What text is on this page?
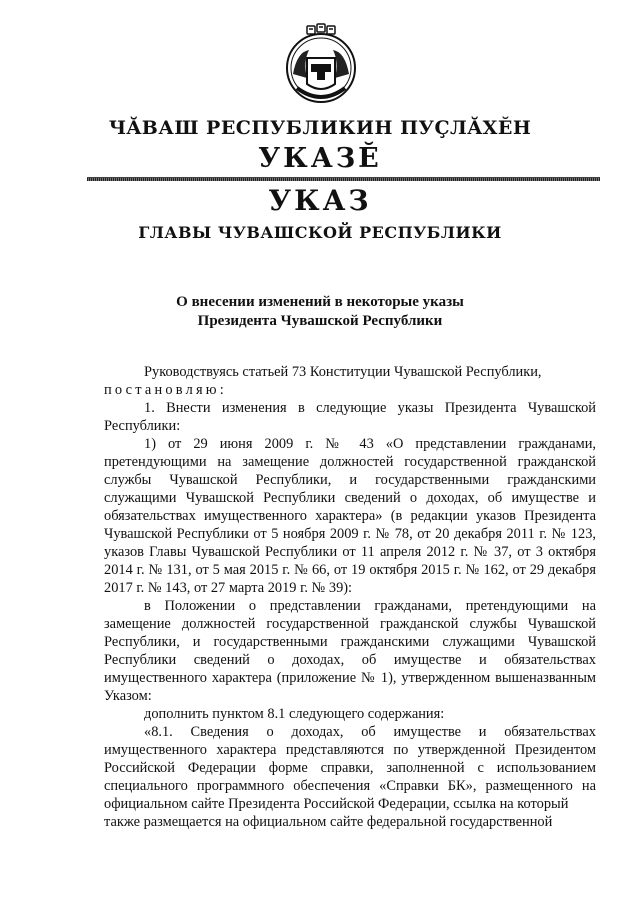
ЧĂВАШ РЕСПУБЛИКИН ПУÇЛĂХĔН
УКАЗĔ
УКАЗ
ГЛАВЫ ЧУВАШСКОЙ РЕСПУБЛИКИ
О внесении изменений в некоторые указы
Президента Чувашской Республики

Руководствуясь статьей 73 Конституции Чувашской Республики,

постановляю:

1. Внести изменения в следующие указы Президента Чувашской Республики:

1) от 29 июня 2009 г. № 43 «О представлении гражданами, претендующими на замещение должностей государственной гражданской службы Чувашской Республики, и государственными гражданскими служащими Чувашской Республики сведений о доходах, об имуществе и обязательствах имущественного характера» (в редакции указов Президента Чувашской Республики от 5 ноября 2009 г. № 78, от 20 декабря 2011 г. № 123, указов Главы Чувашской Республики от 11 апреля 2012 г. № 37, от 3 октября 2014 г. № 131, от 5 мая 2015 г. № 66, от 19 октября 2015 г. № 162, от 29 декабря 2017 г. № 143, от 27 марта 2019 г. № 39):

в Положении о представлении гражданами, претендующими на замещение должностей государственной гражданской службы Чувашской Республики, и государственными гражданскими служащими Чувашской Республики сведений о доходах, об имуществе и обязательствах имущественного характера (приложение № 1), утвержденном вышеназванным Указом:

дополнить пунктом 8.1 следующего содержания:

«8.1. Сведения о доходах, об имуществе и обязательствах имущественного характера представляются по утвержденной Президентом Российской Федерации форме справки, заполненной с использованием специального программного обеспечения «Справки БК», размещенного на официальном сайте Президента Российской Федерации, ссылка на который

также размещается на официальном сайте федеральной государственной
